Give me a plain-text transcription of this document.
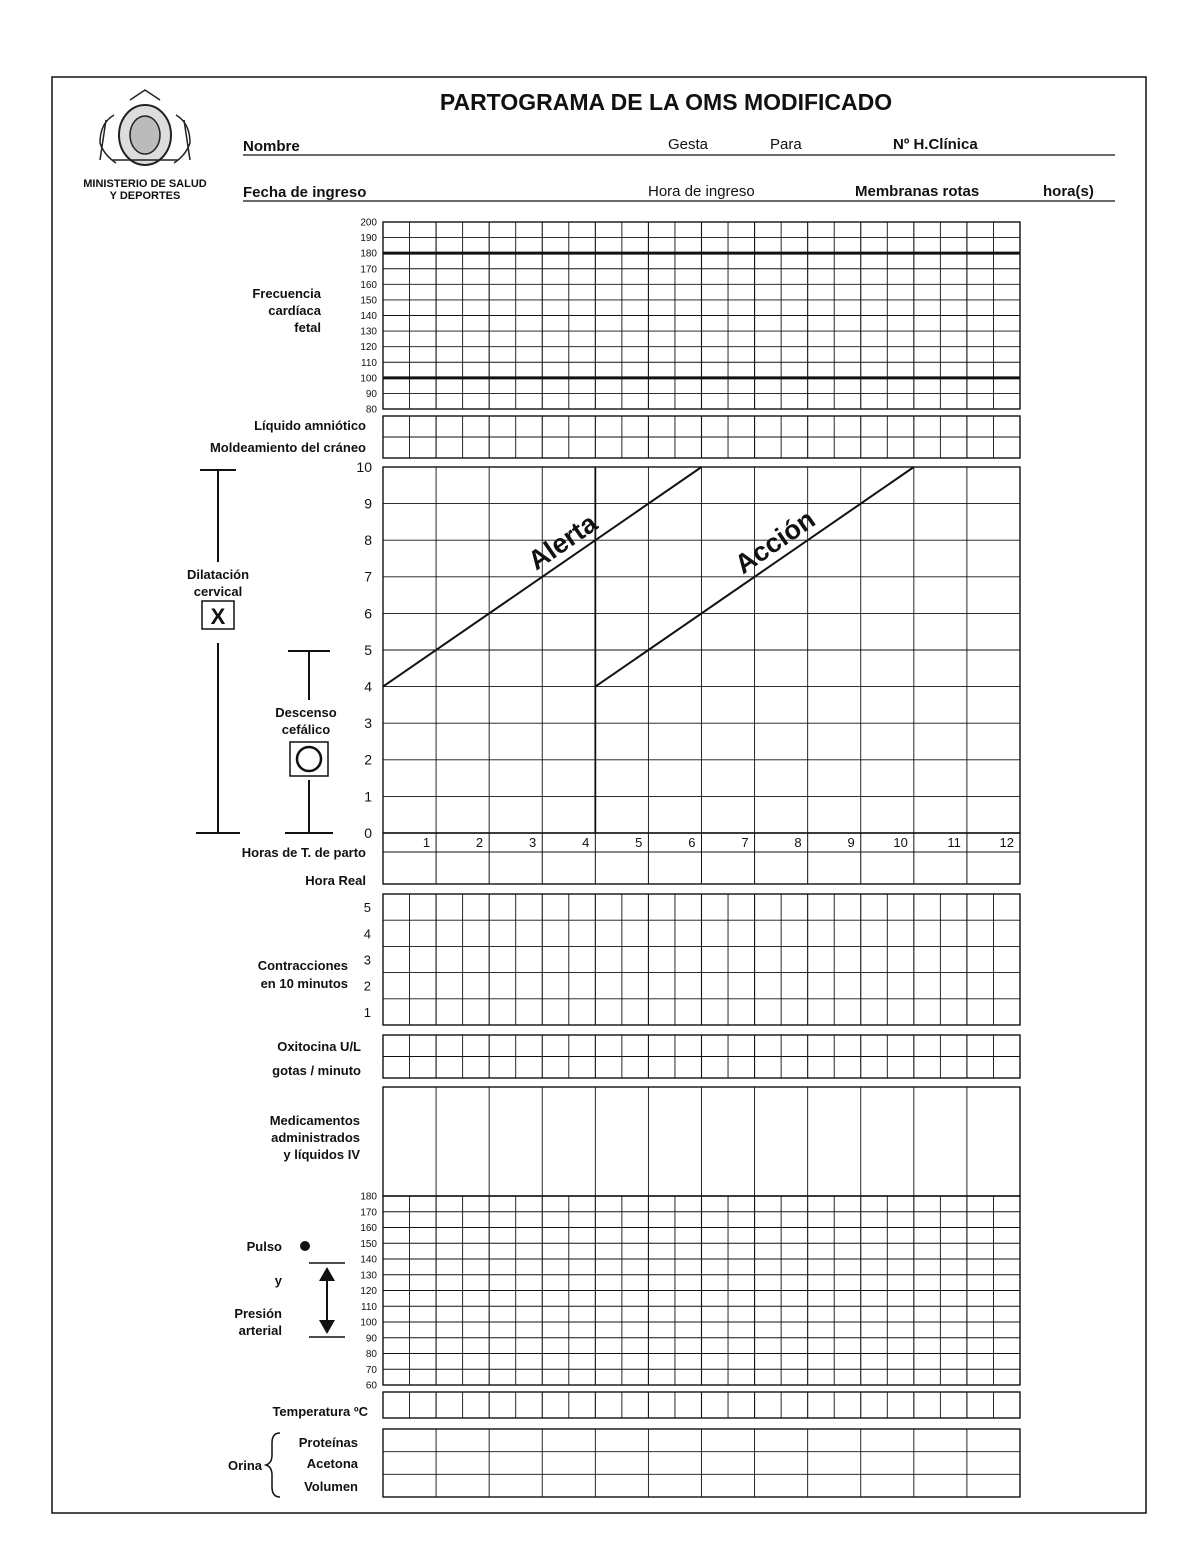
MINISTERIO DE SALUD
Y DEPORTES
PARTOGRAMA DE LA OMS MODIFICADO
Nombre	Gesta	Para	Nº H.Clínica
Fecha de ingreso	Hora de ingreso	Membranas rotas	hora(s)
Frecuencia
cardíaca
fetal
200
190
180
170
160
150
140
130
120
110
100
90
80
Líquido amniótico
Moldeamiento del cráneo
Dilatación
cervical
X
Descenso
cefálico
10
9
8
7
6
5
4
3
2
1
0
Alerta	Acción
Horas de T. de parto
Hora Real
1	2	3	4	5	6	7	8	9	10	11	12
Contracciones
en 10 minutos
5
4
3
2
1
Oxitocina U/L
gotas / minuto
Medicamentos
administrados
y líquidos IV
Pulso
y
Presión
arterial
180
170
160
150
140
130
120
110
100
90
80
70
60
Temperatura ºC
Orina
Proteínas
Acetona
Volumen
